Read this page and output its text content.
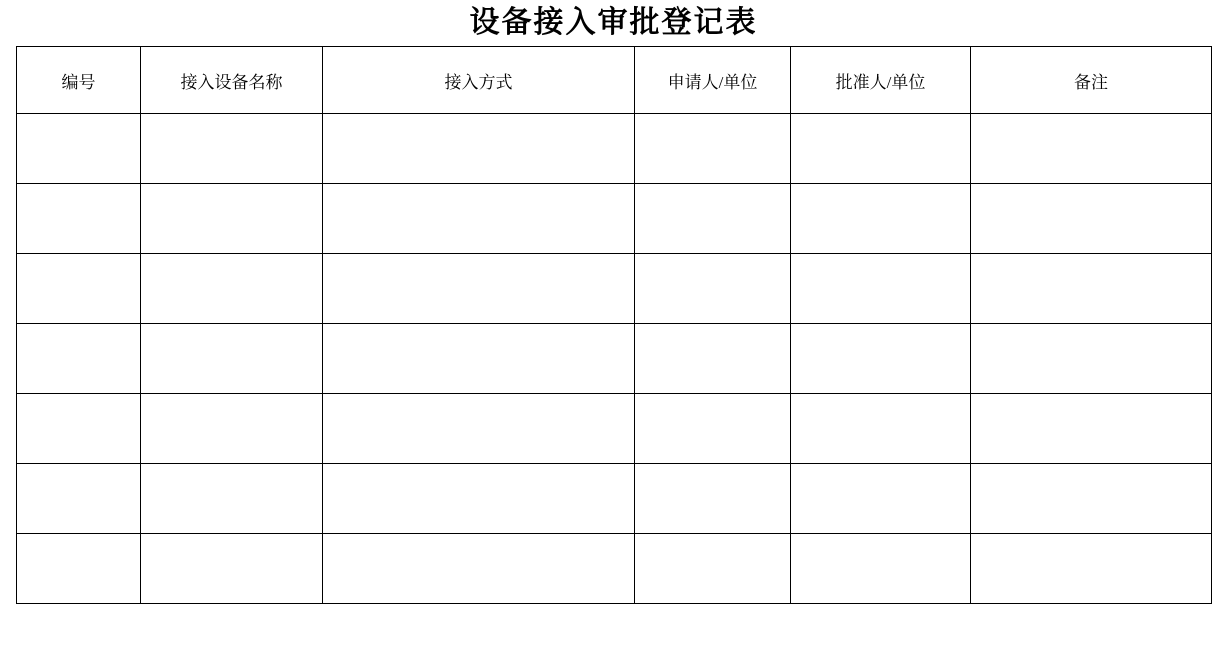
设备接入审批登记表
编号	接入设备名称	接入方式	申请人/单位	批准人/单位	备注
